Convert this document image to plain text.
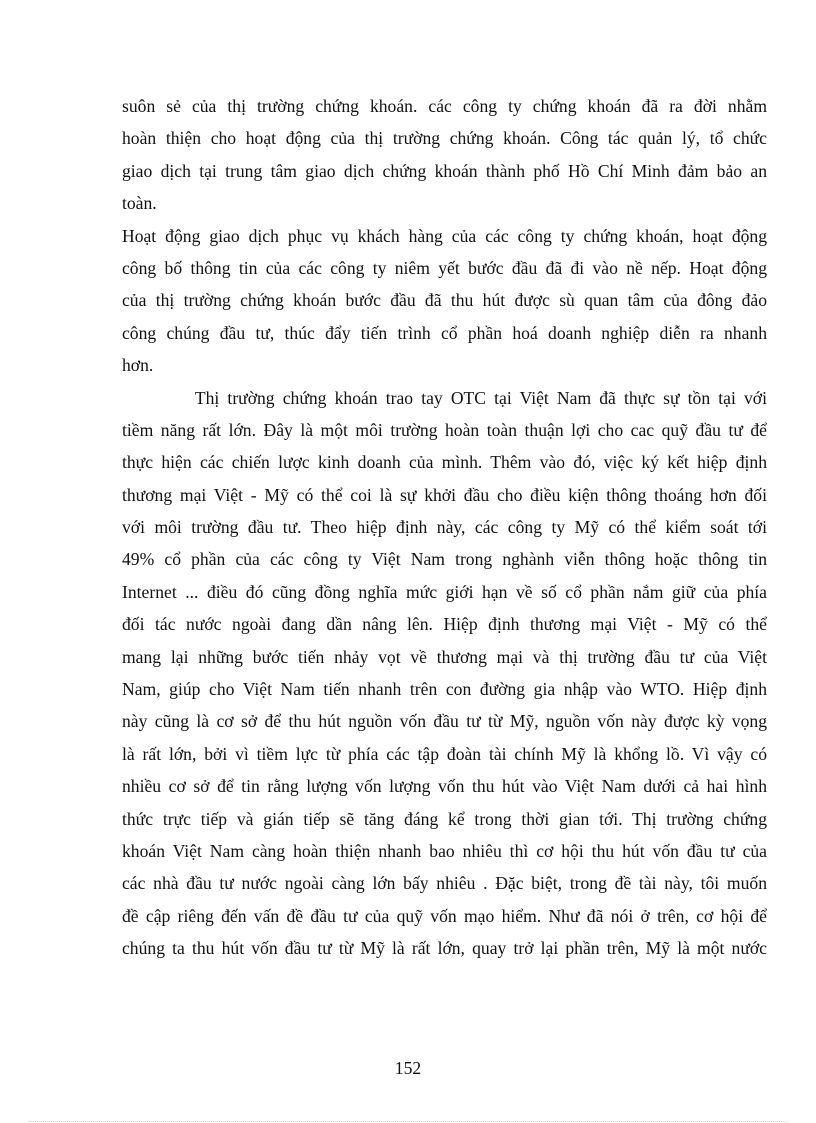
suôn sẻ của thị trường chứng khoán. các công ty chứng khoán đã ra đời nhằm
hoàn thiện cho hoạt động của thị trường chứng khoán. Công tác quản lý, tổ chức
giao dịch tại trung tâm giao dịch chứng khoán thành phố Hồ Chí Minh đảm bảo an
toàn.
Hoạt động giao dịch phục vụ khách hàng của các công ty chứng khoán, hoạt động
công bố thông tin của các công ty niêm yết bước đầu đã đi vào nề nếp. Hoạt động
của thị trường chứng khoán bước đầu đã thu hút được sù quan tâm của đông đảo
công chúng đầu tư, thúc đẩy tiến trình cổ phần hoá doanh nghiệp diễn ra nhanh
hơn.
Thị trường chứng khoán trao tay OTC tại Việt Nam đã thực sự tồn tại với
tiềm năng rất lớn. Đây là một môi trường hoàn toàn thuận lợi cho cac quỹ đầu tư để
thực hiện các chiến lược kinh doanh của mình. Thêm vào đó, việc ký kết hiệp định
thương mại Việt - Mỹ có thể coi là sự khởi đầu cho điều kiện thông thoáng hơn đối
với môi trường đầu tư. Theo hiệp định này, các công ty Mỹ có thể kiểm soát tới
49% cổ phần của các công ty Việt Nam trong nghành viễn thông hoặc thông tin
Internet ... điều đó cũng đồng nghĩa mức giới hạn về số cổ phần nắm giữ của phía
đối tác nước ngoài đang dần nâng lên. Hiệp định thương mại Việt - Mỹ có thể
mang lại những bước tiến nhảy vọt về thương mại và thị trường đầu tư của Việt
Nam, giúp cho Việt Nam tiến nhanh trên con đường gia nhập vào WTO. Hiệp định
này cũng là cơ sở để thu hút nguồn vốn đầu tư từ Mỹ, nguồn vốn này được kỳ vọng
là rất lớn, bởi vì tiềm lực từ phía các tập đoàn tài chính Mỹ là khổng lồ. Vì vậy có
nhiều cơ sở để tin rằng lượng vốn lượng vốn thu hút vào Việt Nam dưới cả hai hình
thức trực tiếp và gián tiếp sẽ tăng đáng kể trong thời gian tới. Thị trường chứng
khoán Việt Nam càng hoàn thiện nhanh bao nhiêu thì cơ hội thu hút vốn đầu tư của
các nhà đầu tư nước ngoài càng lớn bấy nhiêu . Đặc biệt, trong đề tài này, tôi muốn
đề cập riêng đến vấn đề đầu tư của quỹ vốn mạo hiểm. Như đã nói ở trên, cơ hội để
chúng ta thu hút vốn đầu tư từ Mỹ là rất lớn, quay trở lại phần trên, Mỹ là một nước
152
